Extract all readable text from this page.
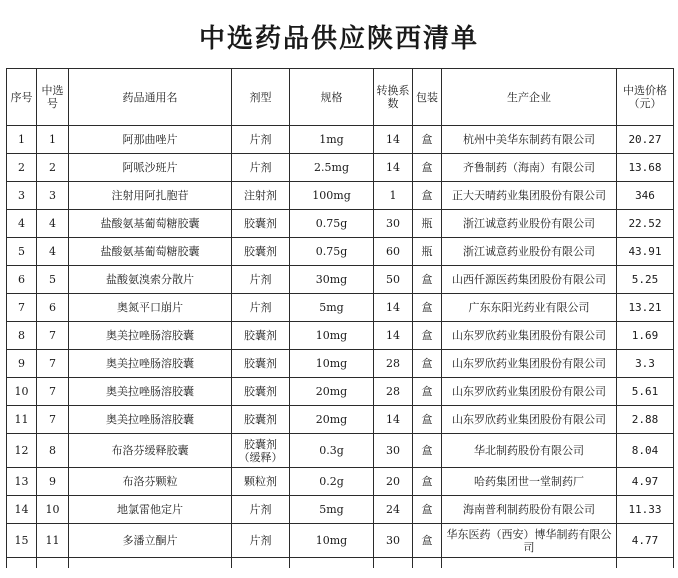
中选药品供应陕西清单
序号	中选号	药品通用名	剂型	规格	转换系数	包装	生产企业	中选价格（元）
1	1	阿那曲唑片	片剂	1mg	14	盒	杭州中美华东制药有限公司	20.27
2	2	阿哌沙班片	片剂	2.5mg	14	盒	齐鲁制药（海南）有限公司	13.68
3	3	注射用阿扎胞苷	注射剂	100mg	1	盒	正大天晴药业集团股份有限公司	346
4	4	盐酸氨基葡萄糖胶囊	胶囊剂	0.75g	30	瓶	浙江诚意药业股份有限公司	22.52
5	4	盐酸氨基葡萄糖胶囊	胶囊剂	0.75g	60	瓶	浙江诚意药业股份有限公司	43.91
6	5	盐酸氨溴索分散片	片剂	30mg	50	盒	山西仟源医药集团股份有限公司	5.25
7	6	奥氮平口崩片	片剂	5mg	14	盒	广东东阳光药业有限公司	13.21
8	7	奥美拉唑肠溶胶囊	胶囊剂	10mg	14	盒	山东罗欣药业集团股份有限公司	1.69
9	7	奥美拉唑肠溶胶囊	胶囊剂	10mg	28	盒	山东罗欣药业集团股份有限公司	3.3
10	7	奥美拉唑肠溶胶囊	胶囊剂	20mg	28	盒	山东罗欣药业集团股份有限公司	5.61
11	7	奥美拉唑肠溶胶囊	胶囊剂	20mg	14	盒	山东罗欣药业集团股份有限公司	2.88
12	8	布洛芬缓释胶囊	胶囊剂（缓释）	0.3g	30	盒	华北制药股份有限公司	8.04
13	9	布洛芬颗粒	颗粒剂	0.2g	20	盒	哈药集团世一堂制药厂	4.97
14	10	地氯雷他定片	片剂	5mg	24	盒	海南普利制药股份有限公司	11.33
15	11	多潘立酮片	片剂	10mg	30	盒	华东医药（西安）博华制药有限公司	4.77
